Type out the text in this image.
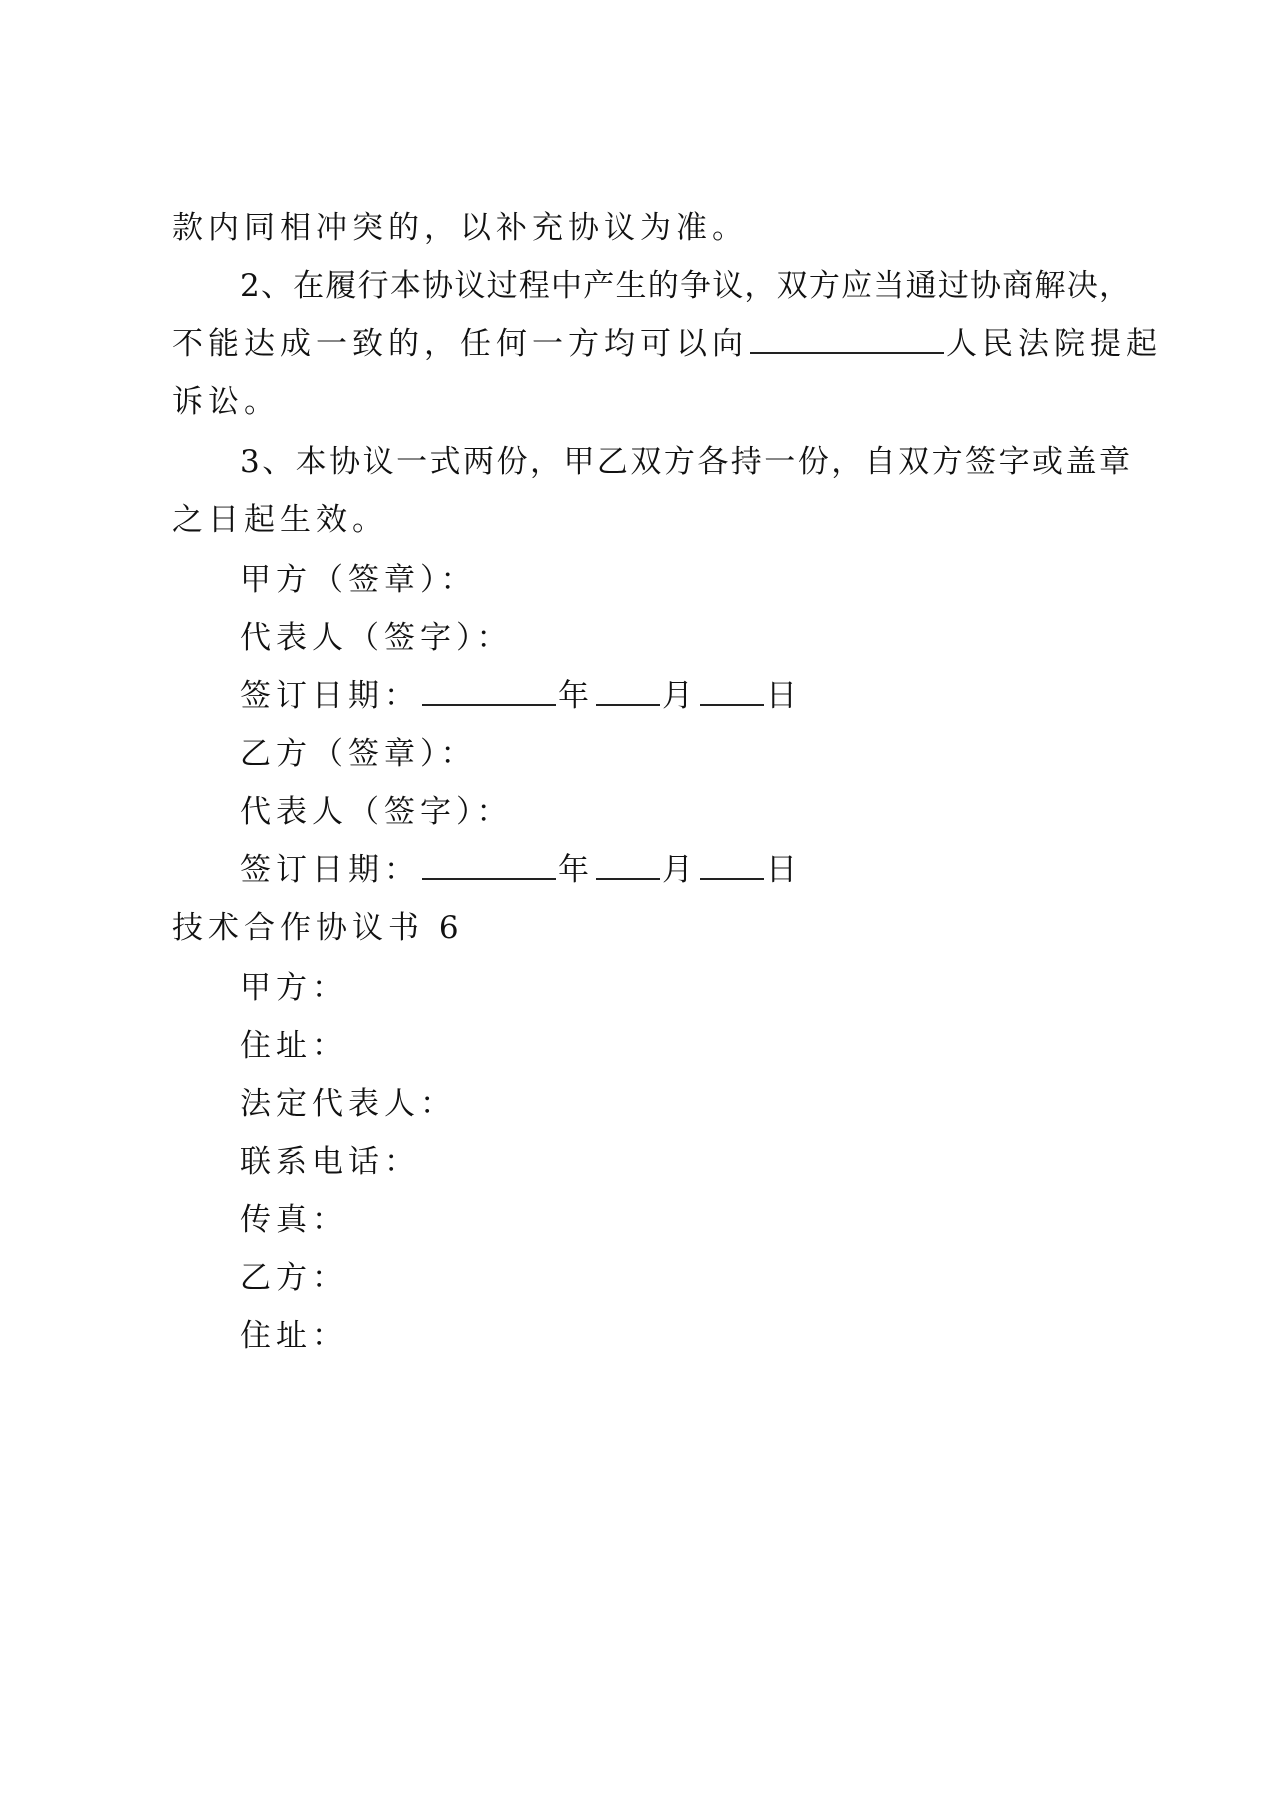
款内同相冲突的，以补充协议为准。
2、在履行本协议过程中产生的争议，双方应当通过协商解决，
不能达成一致的，任何一方均可以向	人民法院提起
诉讼。
3、本协议一式两份，甲乙双方各持一份，自双方签字或盖章
之日起生效。
甲方（签章）：
代表人（签字）：
签订日期：	年 月 日
乙方（签章）：
代表人（签字）：
签订日期：	年 月 日
技术合作协议书 6
甲方：
住址：
法定代表人：
联系电话：
传真：
乙方：
住址：
